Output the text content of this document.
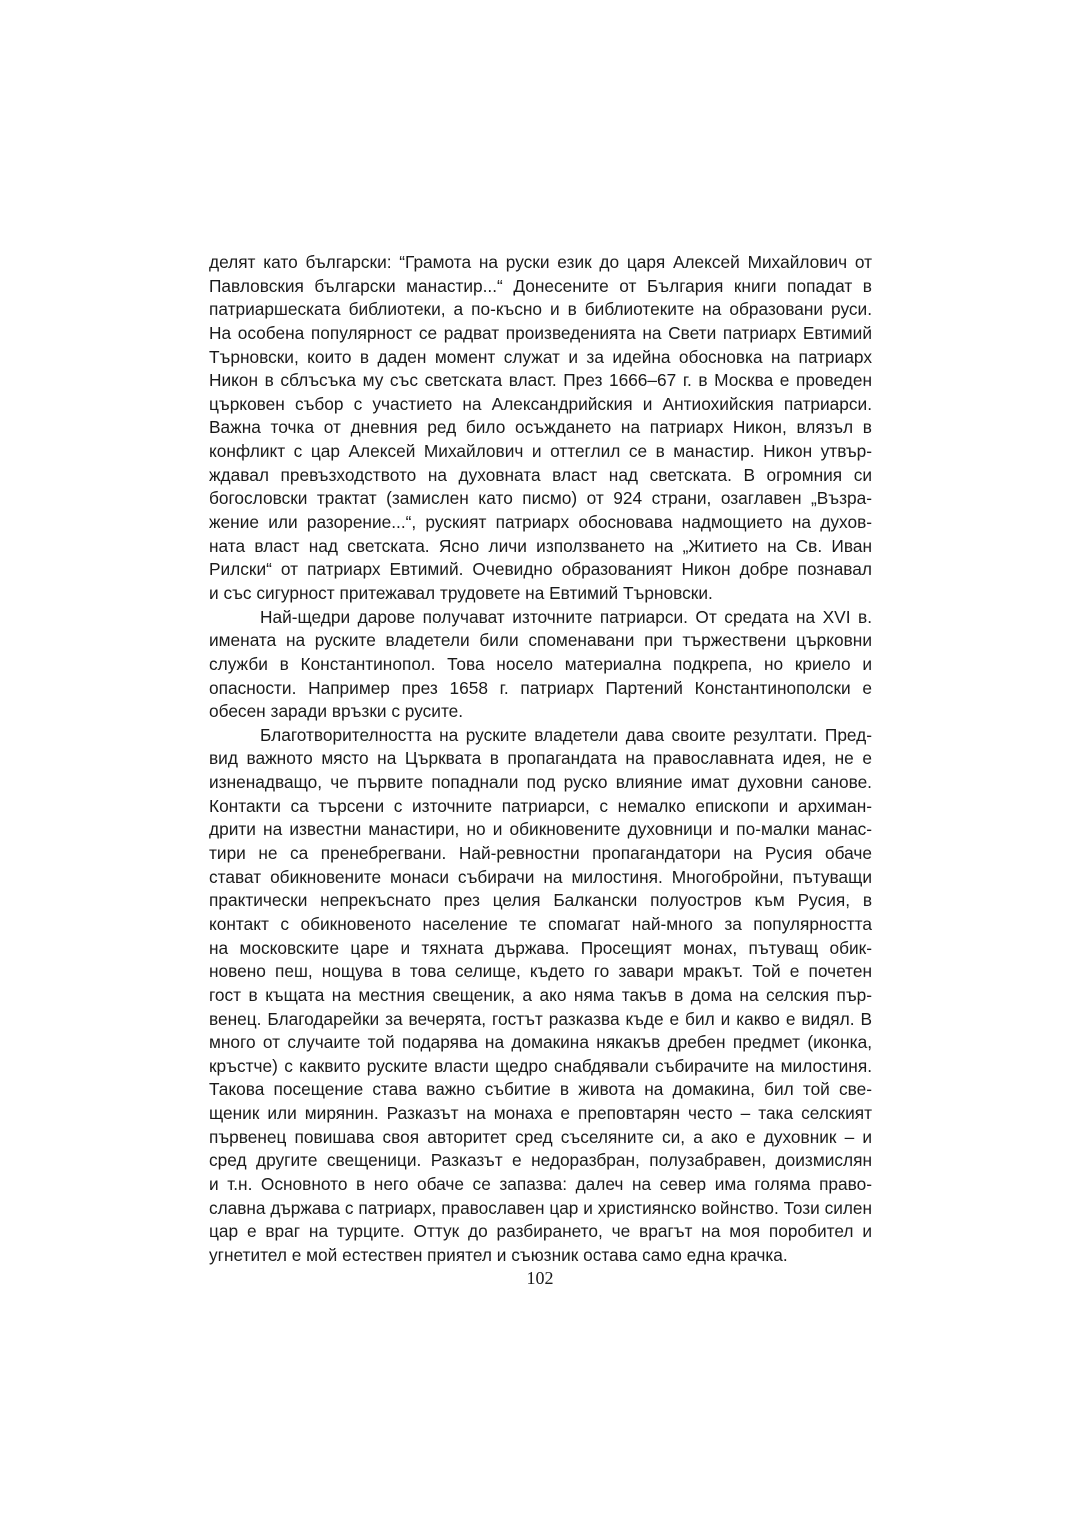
делят като български: “Грамота на руски език до царя Алексей Михайлович от
Павловския български манастир...“ Донесените от България книги попадат в
патриаршеската библиотеки, а по-късно и в библиотеките на образовани руси.
На особена популярност се радват произведенията на Свети патриарх Евтимий
Търновски, които в даден момент служат и за идейна обосновка на патриарх
Никон в сблъсъка му със светската власт. През 1666–67 г. в Москва е проведен
църковен събор с участието на Александрийския и Антиохийския патриарси.
Важна точка от дневния ред било осъждането на патриарх Никон, влязъл в
конфликт с цар Алексей Михайлович и оттеглил се в манастир. Никон утвър-
ждавал превъзходството на духовната власт над светската. В огромния си
богословски трактат (замислен като писмо) от 924 страни, озаглавен „Възра-
жение или разорение...“, руският патриарх обосновава надмощието на духов-
ната власт над светската. Ясно личи използването на „Житието на Св. Иван
Рилски“ от патриарх Евтимий. Очевидно образованият Никон добре познавал
и със сигурност притежавал трудовете на Евтимий Търновски.
Най-щедри дарове получават източните патриарси. От средата на XVI в.
имената на руските владетели били споменавани при тържествени църковни
служби в Константинопол. Това носело материална подкрепа, но криело и
опасности. Например през 1658 г. патриарх Партений Константинополски е
обесен заради връзки с русите.
Благотворителността на руските владетели дава своите резултати. Пред-
вид важното място на Църквата в пропагандата на православната идея, не е
изненадващо, че първите попаднали под руско влияние имат духовни санове.
Контакти са търсени с източните патриарси, с немалко епископи и архиман-
дрити на известни манастири, но и обикновените духовници и по-малки манас-
тири не са пренебрегвани. Най-ревностни пропагандатори на Русия обаче
стават обикновените монаси събирачи на милостиня. Многобройни, пътуващи
практически непрекъснато през целия Балкански полуостров към Русия, в
контакт с обикновеното население те спомагат най-много за популярността
на московските царе и тяхната държава. Просещият монах, пътуващ обик-
новено пеш, нощува в това селище, където го завари мракът. Той е почетен
гост в къщата на местния свещеник, а ако няма такъв в дома на селския пър-
венец. Благодарейки за вечерята, гостът разказва къде е бил и какво е видял. В
много от случаите той подарява на домакина някакъв дребен предмет (иконка,
кръстче) с каквито руските власти щедро снабдявали събирачите на милостиня.
Такова посещение става важно събитие в живота на домакина, бил той све-
щеник или мирянин. Разказът на монаха е преповтарян често – така селският
първенец повишава своя авторитет сред съселяните си, а ако е духовник – и
сред другите свещеници. Разказът е недоразбран, полузабравен, доизмислян
и т.н. Основното в него обаче се запазва: далеч на север има голяма право-
славна държава с патриарх, православен цар и християнско войнство. Този силен
цар е враг на турците. Оттук до разбирането, че врагът на моя поробител и
угнетител е мой естествен приятел и съюзник остава само една крачка.
102
